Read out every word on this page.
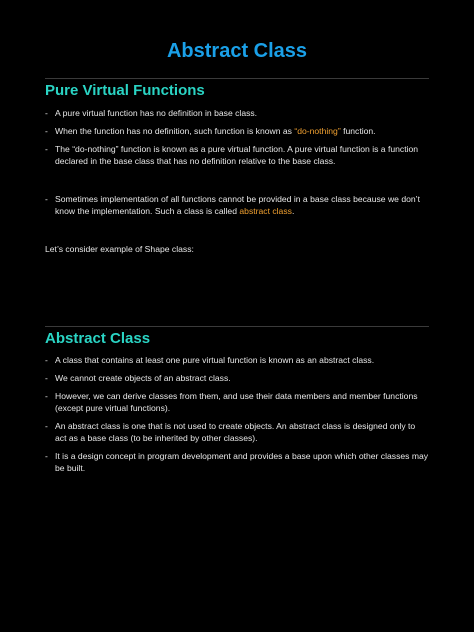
Abstract Class
Pure Virtual Functions
- A pure virtual function has no definition in base class.
- When the function has no definition, such function is known as “do-nothing” function.
- The “do-nothing” function is known as a pure virtual function. A pure virtual function is a function declared in the base class that has no definition relative to the base class.
- Sometimes implementation of all functions cannot be provided in a base class because we don’t know the implementation. Such a class is called abstract class.
Let’s consider example of Shape class:
Abstract Class
- A class that contains at least one pure virtual function is known as an abstract class.
- We cannot create objects of an abstract class.
- However, we can derive classes from them, and use their data members and member functions (except pure virtual functions).
- An abstract class is one that is not used to create objects. An abstract class is designed only to act as a base class (to be inherited by other classes).
- It is a design concept in program development and provides a base upon which other classes may be built.
